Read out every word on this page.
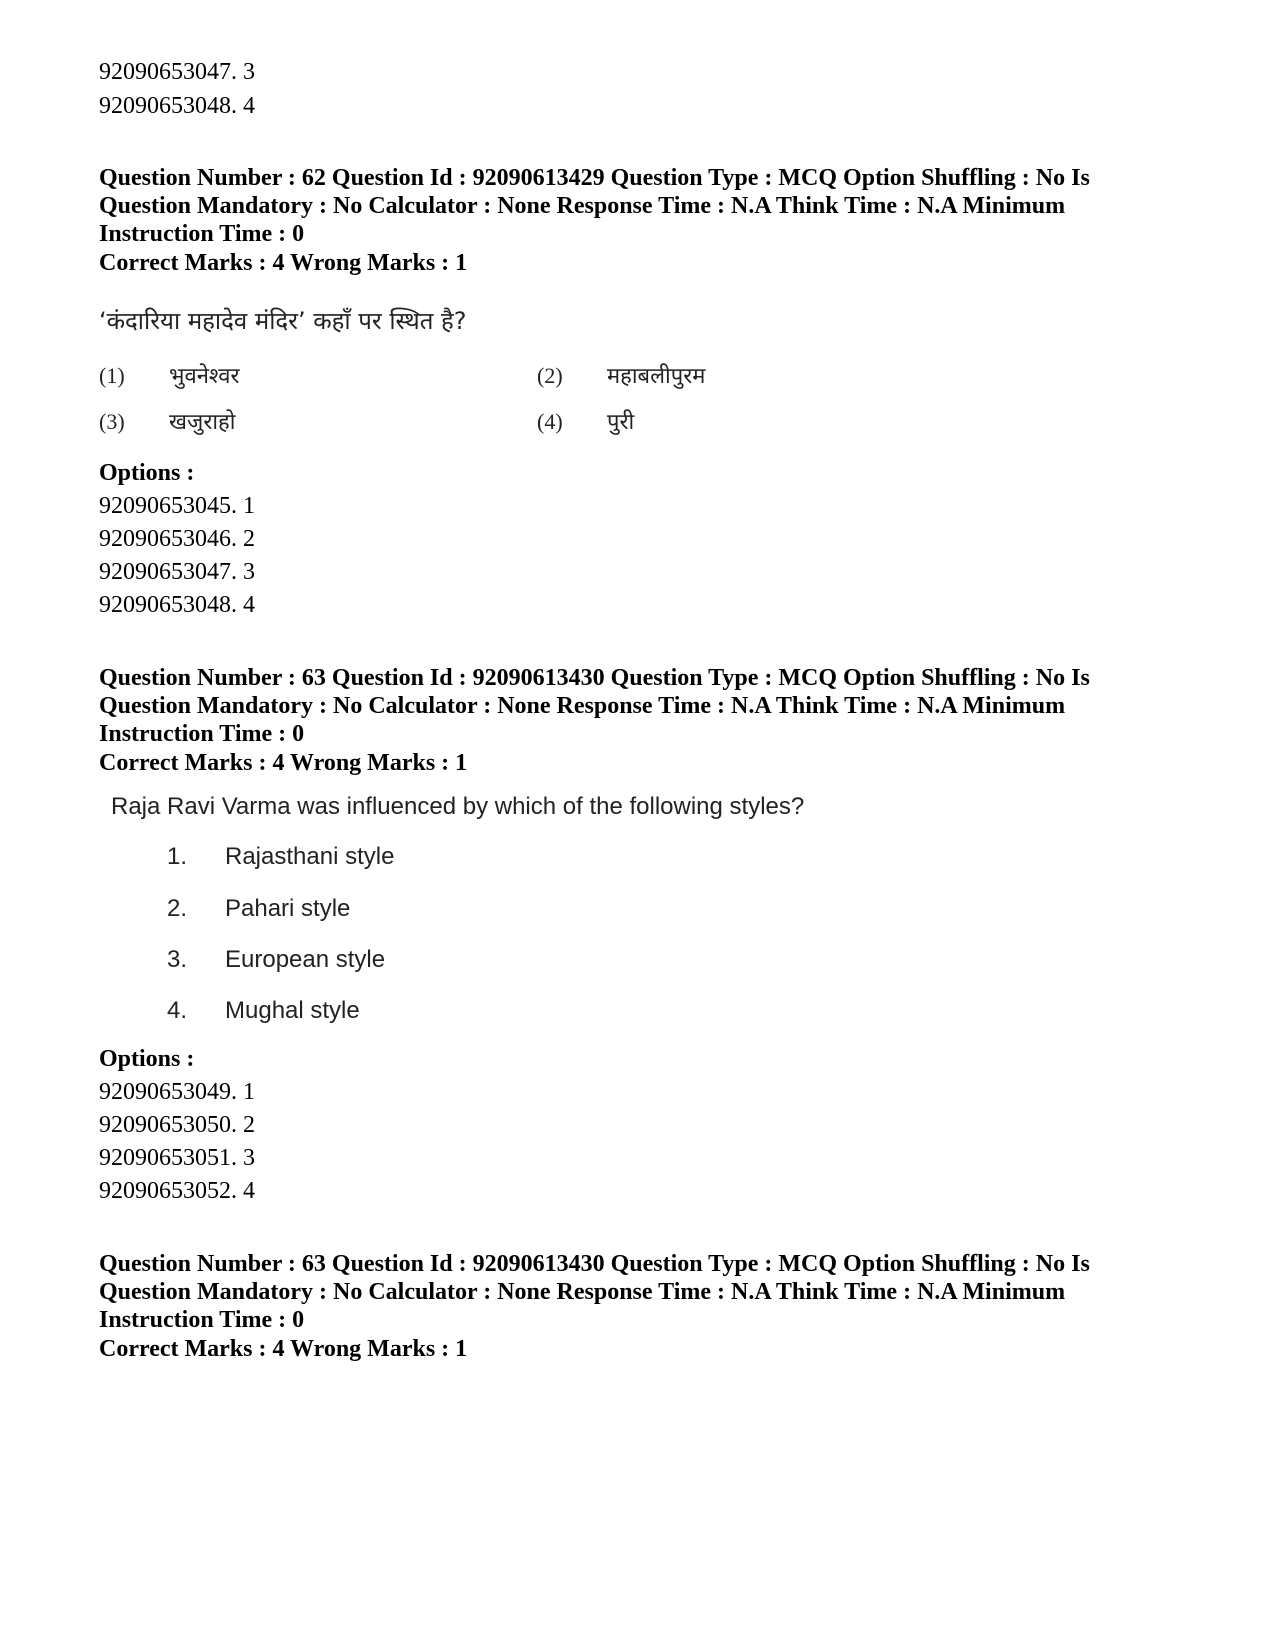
92090653047. 3
92090653048. 4
Question Number : 62 Question Id : 92090613429 Question Type : MCQ Option Shuffling : No Is Question Mandatory : No Calculator : None Response Time : N.A Think Time : N.A Minimum Instruction Time : 0
Correct Marks : 4 Wrong Marks : 1
‘कंदारिया महादेव मंदिर’ कहाँ पर स्थित है?
(1) भुवनेश्वर	(2) महाबलीपुरम
(3) खजुराहो	(4) पुरी
Options :
92090653045. 1
92090653046. 2
92090653047. 3
92090653048. 4
Question Number : 63 Question Id : 92090613430 Question Type : MCQ Option Shuffling : No Is Question Mandatory : No Calculator : None Response Time : N.A Think Time : N.A Minimum Instruction Time : 0
Correct Marks : 4 Wrong Marks : 1
Raja Ravi Varma was influenced by which of the following styles?
1. Rajasthani style
2. Pahari style
3. European style
4. Mughal style
Options :
92090653049. 1
92090653050. 2
92090653051. 3
92090653052. 4
Question Number : 63 Question Id : 92090613430 Question Type : MCQ Option Shuffling : No Is Question Mandatory : No Calculator : None Response Time : N.A Think Time : N.A Minimum Instruction Time : 0
Correct Marks : 4 Wrong Marks : 1
